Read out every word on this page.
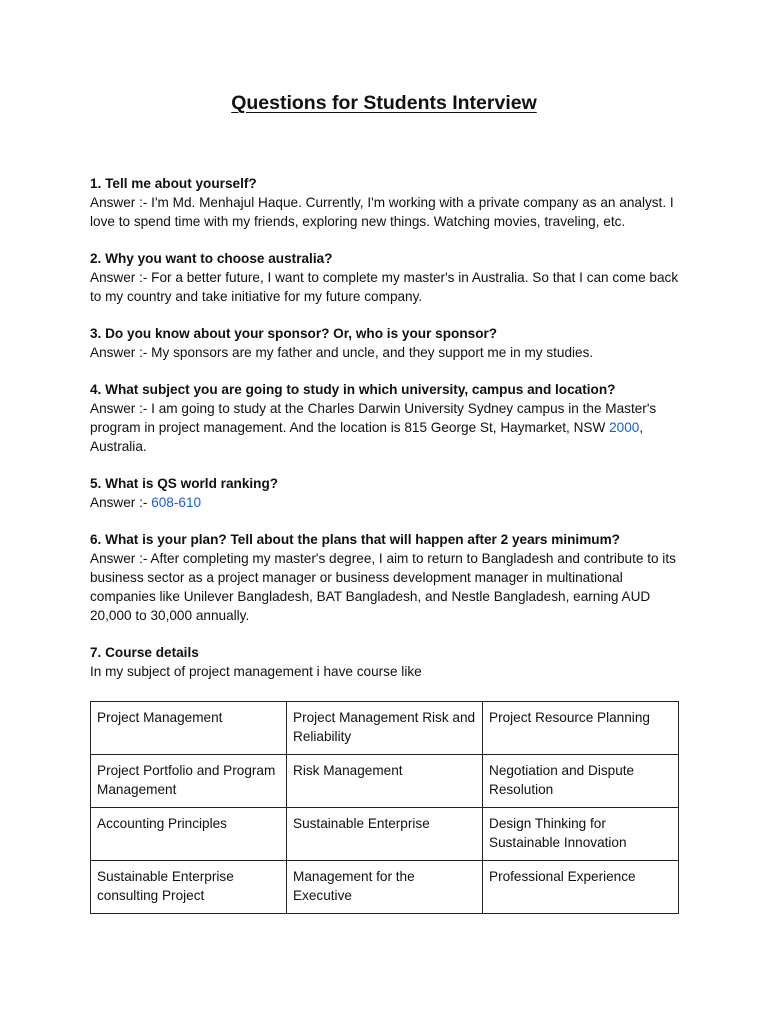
Questions for Students Interview
1. Tell me about yourself?
Answer :- I'm Md. Menhajul Haque. Currently, I'm working with a private company as an analyst. I love to spend time with my friends, exploring new things. Watching movies, traveling, etc.
2. Why you want to choose australia?
Answer :- For a better future, I want to complete my master's in Australia. So that I can come back to my country and take initiative for my future company.
3. Do you know about your sponsor? Or, who is your sponsor?
Answer :- My sponsors are my father and uncle, and they support me in my studies.
4. What subject you are going to study in which university, campus and location?
Answer :- I am going to study at the Charles Darwin University Sydney campus in the Master's program in project management. And the location is 815 George St, Haymarket, NSW 2000, Australia.
5. What is QS world ranking?
Answer :- 608-610
6. What is your plan? Tell about the plans that will happen after 2 years minimum?
Answer :- After completing my master's degree, I aim to return to Bangladesh and contribute to its business sector as a project manager or business development manager in multinational companies like Unilever Bangladesh, BAT Bangladesh, and Nestle Bangladesh, earning AUD 20,000 to 30,000 annually.
7. Course details
In my subject of project management i have course like
Project Management	Project Management Risk and Reliability	Project Resource Planning
Project Portfolio and Program Management	Risk Management	Negotiation and Dispute Resolution
Accounting Principles	Sustainable Enterprise	Design Thinking for Sustainable Innovation
Sustainable Enterprise consulting Project	Management for the Executive	Professional Experience
